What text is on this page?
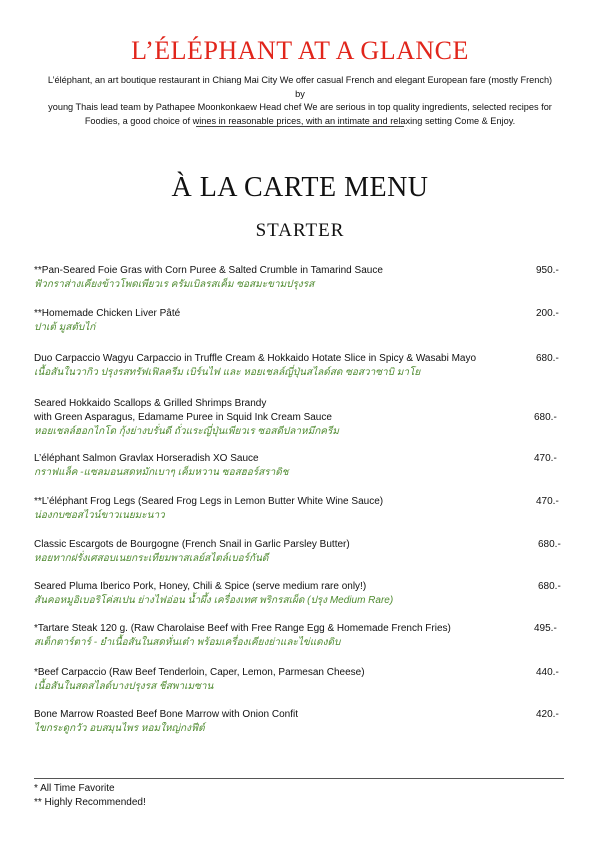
L’ÉLÉPHANT AT A GLANCE
L’éléphant, an art boutique restaurant in Chiang Mai City We offer casual French and elegant European fare (mostly French) by
young Thais lead team by Pathapee Moonkonkaew Head chef We are serious in top quality ingredients, selected recipes for
Foodies, a good choice of wines in reasonable prices, with an intimate and relaxing setting Come & Enjoy.
À LA CARTE MENU
STARTER
**Pan-Seared Foie Gras with Corn Puree & Salted Crumble in Tamarind Sauce
ฟัวกราส่างเคียงข้าวโพดเพียวเร ครัมเบิลรสเค็ม ซอสมะขามปรุงรส
950.-
**Homemade Chicken Liver Pâté
ปาเต้ มูสตับไก่
200.-
Duo Carpaccio Wagyu Carpaccio in Truffle Cream & Hokkaido Hotate Slice in Spicy & Wasabi Mayo
เนื้อสันในวากิว ปรุงรสทรัฟเฟิลครีม เบิร์นไฟ และ หอยเชลล์ญี่ปุ่นสไลด์สด ซอสวาซาบิ มาโย
680.-
Seared Hokkaido Scallops & Grilled Shrimps Brandy
with Green Asparagus, Edamame Puree in Squid Ink Cream Sauce
หอยเชลล์ฮอกไกโด กุ้งย่างบรั่นดี ถั่วแระญี่ปุ่นเพียวเร ซอสดีปลาหมึกครีม
680.-
L’éléphant Salmon Gravlax Horseradish XO Sauce
กราฟแล็ค -แซลมอนสดหมักเบาๆ เค็มหวาน ซอสฮอร์สราดิช
470.-
**L’éléphant Frog Legs (Seared Frog Legs in Lemon Butter White Wine Sauce)
น่องกบซอสไวน์ขาวเนยมะนาว
470.-
Classic Escargots de Bourgogne (French Snail in Garlic Parsley Butter)
หอยทากฝรั่งเศสอบเนยกระเทียมพาสเลย์สไตล์เบอร์กันดี
680.-
Seared Pluma Iberico Pork, Honey, Chili & Spice (serve medium rare only!)
สันคอหมูอิเบอริโค่สเปน ย่างไฟอ่อน น้ำผึ้ง เครื่องเทศ พริกรสเผ็ด (ปรุง Medium Rare)
680.-
*Tartare Steak 120 g. (Raw Charolaise Beef with Free Range Egg & Homemade French Fries)
สเต็กตาร์ตาร์ - ยำเนื้อสันในสดหั่นเต๋า พร้อมเครื่องเคียงย่าและไข่แดงดิบ
495.-
*Beef Carpaccio (Raw Beef Tenderloin, Caper, Lemon, Parmesan Cheese)
เนื้อสันในสดสไลด์บางปรุงรส ชีสพาเมซาน
440.-
Bone Marrow Roasted Beef Bone Marrow with Onion Confit
ไขกระดูกวัว อบสมุนไพร หอมใหญ่กงฟีต์
420.-
* All Time Favorite
** Highly Recommended!
